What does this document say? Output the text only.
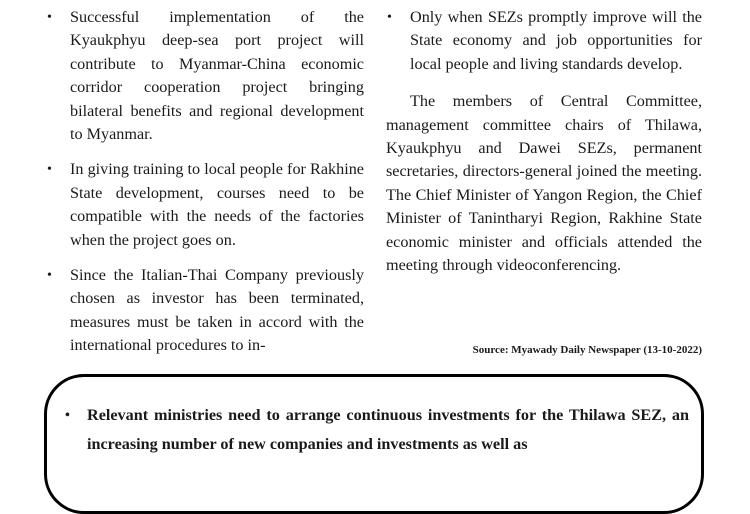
• Successful implementation of the Kyaukphyu deep-sea port project will contribute to Myanmar-China economic corridor cooperation project bringing bilateral benefits and regional development to Myanmar.
• In giving training to local people for Rakhine State development, courses need to be compatible with the needs of the factories when the project goes on.
• Since the Italian-Thai Company previously chosen as investor has been terminated, measures must be taken in accord with the international procedures to in-
• Only when SEZs promptly improve will the State economy and job opportunities for local people and living standards develop.

The members of Central Committee, management committee chairs of Thilawa, Kyaukphyu and Dawei SEZs, permanent secretaries, directors-general joined the meeting. The Chief Minister of Yangon Region, the Chief Minister of Tanintharyi Region, Rakhine State economic minister and officials attended the meeting through videoconferencing.

Source: Myawady Daily Newspaper (13-10-2022)
• Relevant ministries need to arrange continuous investments for the Thilawa SEZ, an increasing number of new companies and investments as well as
